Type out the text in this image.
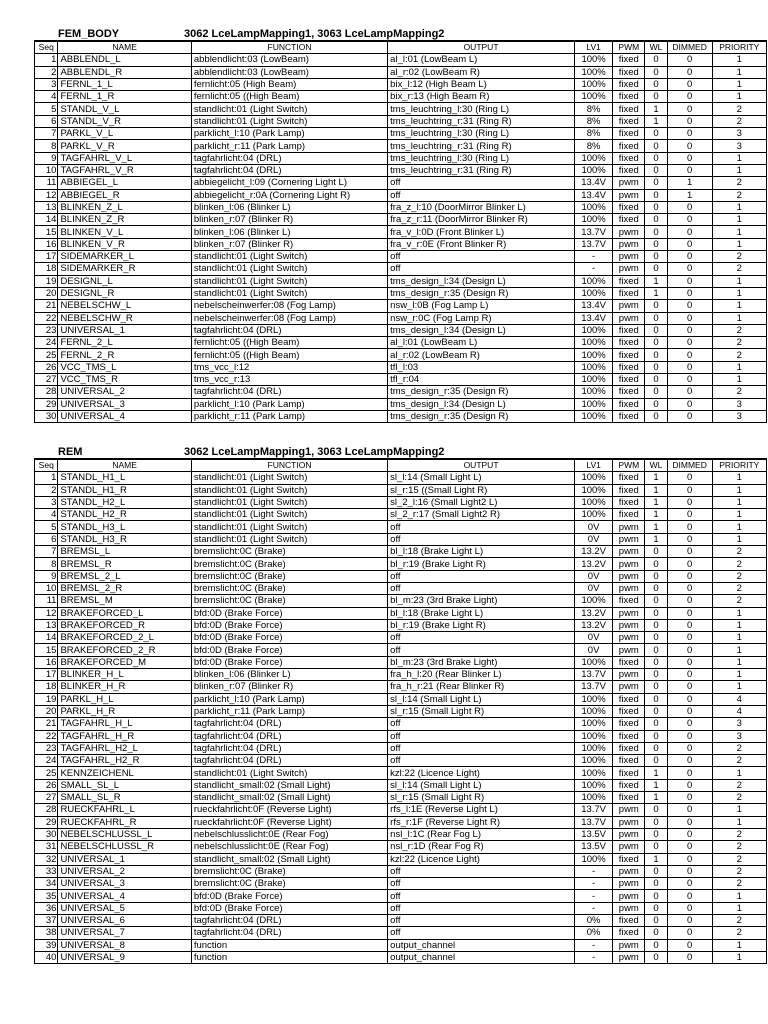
FEM_BODY	3062 LceLampMapping1, 3063 LceLampMapping2
Seq	NAME	FUNCTION	OUTPUT	LV1	PWM	WL	DIMMED	PRIORITY
1	ABBLENDL_L	abblendlicht:03 (LowBeam)	al_l:01 (LowBeam L)	100%	fixed	0	0	1
2	ABBLENDL_R	abblendlicht:03 (LowBeam)	al_r:02 (LowBeam R)	100%	fixed	0	0	1
3	FERNL_1_L	fernlicht:05 (High Beam)	bix_l:12 (High Beam L)	100%	fixed	0	0	1
4	FERNL_1_R	fernlicht:05 ((High Beam)	bix_r:13 (High Beam R)	100%	fixed	0	0	1
5	STANDL_V_L	standlicht:01 (Light Switch)	tms_leuchtring_l:30 (Ring L)	8%	fixed	1	0	2
6	STANDL_V_R	standlicht:01 (Light Switch)	tms_leuchtring_r:31 (Ring R)	8%	fixed	1	0	2
7	PARKL_V_L	parklicht_l:10 (Park Lamp)	tms_leuchtring_l:30 (Ring L)	8%	fixed	0	0	3
8	PARKL_V_R	parklicht_r:11 (Park Lamp)	tms_leuchtring_r:31 (Ring R)	8%	fixed	0	0	3
9	TAGFAHRL_V_L	tagfahrlicht:04 (DRL)	tms_leuchtring_l:30 (Ring L)	100%	fixed	0	0	1
10	TAGFAHRL_V_R	tagfahrlicht:04 (DRL)	tms_leuchtring_r:31 (Ring R)	100%	fixed	0	0	1
11	ABBIEGEL_L	abbiegelicht_l:09 (Cornering Light L)	off	13.4V	pwm	0	1	2
12	ABBIEGEL_R	abbiegelicht_r:0A (Cornering Light R)	off	13.4V	pwm	0	1	2
13	BLINKEN_Z_L	blinken_l:06 (Blinker L)	fra_z_l:10 (DoorMirror Blinker L)	100%	fixed	0	0	1
14	BLINKEN_Z_R	blinken_r:07 (Blinker R)	fra_z_r:11 (DoorMirror Blinker R)	100%	fixed	0	0	1
15	BLINKEN_V_L	blinken_l:06 (Blinker L)	fra_v_l:0D (Front Blinker L)	13.7V	pwm	0	0	1
16	BLINKEN_V_R	blinken_r:07 (Blinker R)	fra_v_r:0E (Front Blinker R)	13.7V	pwm	0	0	1
17	SIDEMARKER_L	standlicht:01 (Light Switch)	off	-	pwm	0	0	2
18	SIDEMARKER_R	standlicht:01 (Light Switch)	off	-	pwm	0	0	2
19	DESIGNL_L	standlicht:01 (Light Switch)	tms_design_l:34 (Design L)	100%	fixed	1	0	1
20	DESIGNL_R	standlicht:01 (Light Switch)	tms_design_r:35 (Design R)	100%	fixed	1	0	1
21	NEBELSCHW_L	nebelscheinwerfer:08 (Fog Lamp)	nsw_l:0B (Fog Lamp L)	13.4V	pwm	0	0	1
22	NEBELSCHW_R	nebelscheinwerfer:08 (Fog Lamp)	nsw_r:0C (Fog Lamp R)	13.4V	pwm	0	0	1
23	UNIVERSAL_1	tagfahrlicht:04 (DRL)	tms_design_l:34 (Design L)	100%	fixed	0	0	2
24	FERNL_2_L	fernlicht:05 ((High Beam)	al_l:01 (LowBeam L)	100%	fixed	0	0	2
25	FERNL_2_R	fernlicht:05 ((High Beam)	al_r:02 (LowBeam R)	100%	fixed	0	0	2
26	VCC_TMS_L	tms_vcc_l:12	tfl_l:03	100%	fixed	0	0	1
27	VCC_TMS_R	tms_vcc_r:13	tfl_r:04	100%	fixed	0	0	1
28	UNIVERSAL_2	tagfahrlicht:04 (DRL)	tms_design_r:35 (Design R)	100%	fixed	0	0	2
29	UNIVERSAL_3	parklicht_l:10 (Park Lamp)	tms_design_l:34 (Design L)	100%	fixed	0	0	3
30	UNIVERSAL_4	parklicht_r:11 (Park Lamp)	tms_design_r:35 (Design R)	100%	fixed	0	0	3
REM	3062 LceLampMapping1, 3063 LceLampMapping2
Seq	NAME	FUNCTION	OUTPUT	LV1	PWM	WL	DIMMED	PRIORITY
1	STANDL_H1_L	standlicht:01 (Light Switch)	sl_l:14 (Small Light L)	100%	fixed	1	0	1
2	STANDL_H1_R	standlicht:01 (Light Switch)	sl_r:15 ((Small Light R)	100%	fixed	1	0	1
3	STANDL_H2_L	standlicht:01 (Light Switch)	sl_2_l:16 (Small Light2 L)	100%	fixed	1	0	1
4	STANDL_H2_R	standlicht:01 (Light Switch)	sl_2_r:17 (Small Light2 R)	100%	fixed	1	0	1
5	STANDL_H3_L	standlicht:01 (Light Switch)	off	0V	pwm	1	0	1
6	STANDL_H3_R	standlicht:01 (Light Switch)	off	0V	pwm	1	0	1
7	BREMSL_L	bremslicht:0C (Brake)	bl_l:18 (Brake Light L)	13.2V	pwm	0	0	2
8	BREMSL_R	bremslicht:0C (Brake)	bl_r:19 (Brake Light R)	13.2V	pwm	0	0	2
9	BREMSL_2_L	bremslicht:0C (Brake)	off	0V	pwm	0	0	2
10	BREMSL_2_R	bremslicht:0C (Brake)	off	0V	pwm	0	0	2
11	BREMSL_M	bremslicht:0C (Brake)	bl_m:23 (3rd Brake Light)	100%	fixed	0	0	2
12	BRAKEFORCED_L	bfd:0D (Brake Force)	bl_l:18 (Brake Light L)	13.2V	pwm	0	0	1
13	BRAKEFORCED_R	bfd:0D (Brake Force)	bl_r:19 (Brake Light R)	13.2V	pwm	0	0	1
14	BRAKEFORCED_2_L	bfd:0D (Brake Force)	off	0V	pwm	0	0	1
15	BRAKEFORCED_2_R	bfd:0D (Brake Force)	off	0V	pwm	0	0	1
16	BRAKEFORCED_M	bfd:0D (Brake Force)	bl_m:23 (3rd Brake Light)	100%	fixed	0	0	1
17	BLINKER_H_L	blinken_l:06 (Blinker L)	fra_h_l:20 (Rear Blinker L)	13.7V	pwm	0	0	1
18	BLINKER_H_R	blinken_r:07 (Blinker R)	fra_h_r:21 (Rear Blinker R)	13.7V	pwm	0	0	1
19	PARKL_H_L	parklicht_l:10 (Park Lamp)	sl_l:14 (Small Light L)	100%	fixed	0	0	4
20	PARKL_H_R	parklicht_r:11 (Park Lamp)	sl_r:15 (Small Light R)	100%	fixed	0	0	4
21	TAGFAHRL_H_L	tagfahrlicht:04 (DRL)	off	100%	fixed	0	0	3
22	TAGFAHRL_H_R	tagfahrlicht:04 (DRL)	off	100%	fixed	0	0	3
23	TAGFAHRL_H2_L	tagfahrlicht:04 (DRL)	off	100%	fixed	0	0	2
24	TAGFAHRL_H2_R	tagfahrlicht:04 (DRL)	off	100%	fixed	0	0	2
25	KENNZEICHENL	standlicht:01 (Light Switch)	kzl:22 (Licence Light)	100%	fixed	1	0	1
26	SMALL_SL_L	standlicht_small:02 (Small Light)	sl_l:14 (Small Light L)	100%	fixed	1	0	2
27	SMALL_SL_R	standlicht_small:02 (Small Light)	sl_r:15 (Small Light R)	100%	fixed	1	0	2
28	RUECKFAHRL_L	rueckfahrlicht:0F (Reverse Light)	rfs_l:1E (Reverse Light L)	13.7V	pwm	0	0	1
29	RUECKFAHRL_R	rueckfahrlicht:0F (Reverse Light)	rfs_r:1F (Reverse Light R)	13.7V	pwm	0	0	1
30	NEBELSCHLUSSL_L	nebelschlusslicht:0E (Rear Fog)	nsl_l:1C (Rear Fog L)	13.5V	pwm	0	0	2
31	NEBELSCHLUSSL_R	nebelschlusslicht:0E (Rear Fog)	nsl_r:1D (Rear Fog R)	13.5V	pwm	0	0	2
32	UNIVERSAL_1	standlicht_small:02 (Small Light)	kzl:22 (Licence Light)	100%	fixed	1	0	2
33	UNIVERSAL_2	bremslicht:0C (Brake)	off	-	pwm	0	0	2
34	UNIVERSAL_3	bremslicht:0C (Brake)	off	-	pwm	0	0	2
35	UNIVERSAL_4	bfd:0D (Brake Force)	off	-	pwm	0	0	1
36	UNIVERSAL_5	bfd:0D (Brake Force)	off	-	pwm	0	0	1
37	UNIVERSAL_6	tagfahrlicht:04 (DRL)	off	0%	fixed	0	0	2
38	UNIVERSAL_7	tagfahrlicht:04 (DRL)	off	0%	fixed	0	0	2
39	UNIVERSAL_8	function	output_channel	-	pwm	0	0	1
40	UNIVERSAL_9	function	output_channel	-	pwm	0	0	1
